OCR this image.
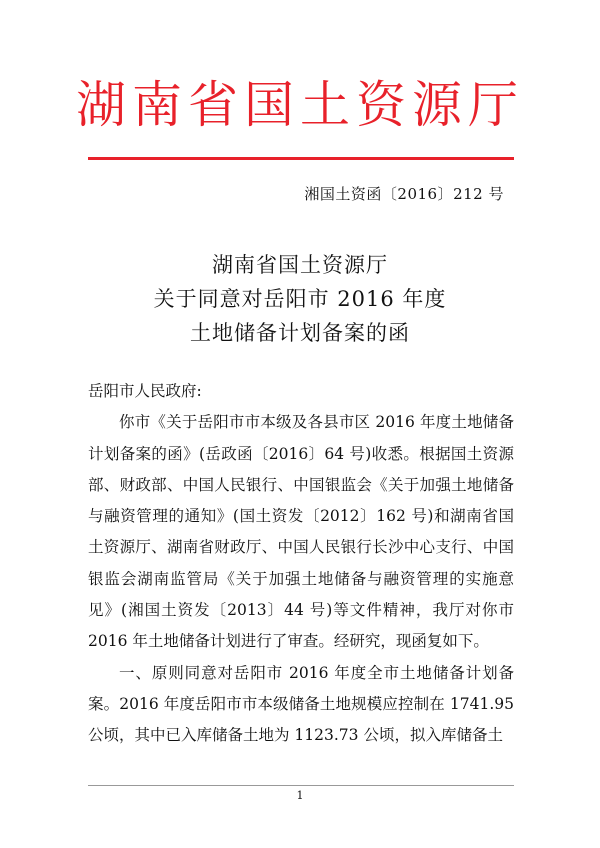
湖南省国土资源厅
湘国土资函〔2016〕212 号
湖南省国土资源厅
关于同意对岳阳市 2016 年度
土地储备计划备案的函

岳阳市人民政府:

你市《关于岳阳市市本级及各县市区 2016 年度土地储备计划备案的函》(岳政函〔2016〕64 号)收悉。根据国土资源部、财政部、中国人民银行、中国银监会《关于加强土地储备与融资管理的通知》(国土资发〔2012〕162 号)和湖南省国土资源厅、湖南省财政厅、中国人民银行长沙中心支行、中国银监会湖南监管局《关于加强土地储备与融资管理的实施意见》(湘国土资发〔2013〕44 号)等文件精神，我厅对你市 2016 年土地储备计划进行了审查。经研究，现函复如下。

一、原则同意对岳阳市 2016 年度全市土地储备计划备案。2016 年度岳阳市市本级储备土地规模应控制在 1741.95 公顷，其中已入库储备土地为 1123.73 公顷，拟入库储备土

1
